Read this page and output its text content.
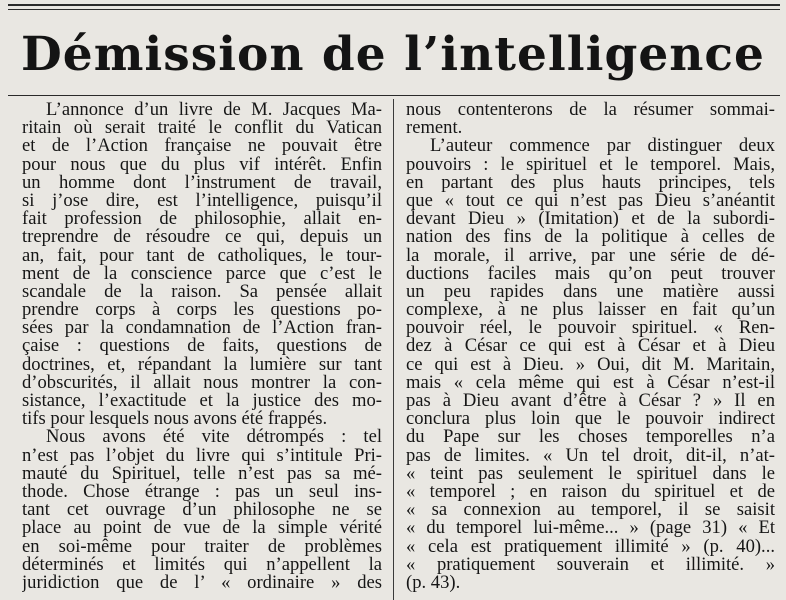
Démission de l’intelligence
L’annonce d’un livre de M. Jacques Ma-
ritain où serait traité le conflit du Vatican
et de l’Action française ne pouvait être
pour nous que du plus vif intérêt. Enfin
un homme dont l’instrument de travail,
si j’ose dire, est l’intelligence, puisqu’il
fait profession de philosophie, allait en-
treprendre de résoudre ce qui, depuis un
an, fait, pour tant de catholiques, le tour-
ment de la conscience parce que c’est le
scandale de la raison. Sa pensée allait
prendre corps à corps les questions po-
sées par la condamnation de l’Action fran-
çaise : questions de faits, questions de
doctrines, et, répandant la lumière sur tant
d’obscurités, il allait nous montrer la con-
sistance, l’exactitude et la justice des mo-
tifs pour lesquels nous avons été frappés.
Nous avons été vite détrompés : tel
n’est pas l’objet du livre qui s’intitule Pri-
mauté du Spirituel, telle n’est pas sa mé-
thode. Chose étrange : pas un seul ins-
tant cet ouvrage d’un philosophe ne se
place au point de vue de la simple vérité
en soi-même pour traiter de problèmes
déterminés et limités qui n’appellent la
juridiction que de l’ « ordinaire » des
nous contenterons de la résumer sommai-
rement.
L’auteur commence par distinguer deux
pouvoirs : le spirituel et le temporel. Mais,
en partant des plus hauts principes, tels
que « tout ce qui n’est pas Dieu s’anéantit
devant Dieu » (Imitation) et de la subordi-
nation des fins de la politique à celles de
la morale, il arrive, par une série de dé-
ductions faciles mais qu’on peut trouver
un peu rapides dans une matière aussi
complexe, à ne plus laisser en fait qu’un
pouvoir réel, le pouvoir spirituel. « Ren-
dez à César ce qui est à César et à Dieu
ce qui est à Dieu. » Oui, dit M. Maritain,
mais « cela même qui est à César n’est-il
pas à Dieu avant d’être à César ? » Il en
conclura plus loin que le pouvoir indirect
du Pape sur les choses temporelles n’a
pas de limites. « Un tel droit, dit-il, n’at-
« teint pas seulement le spirituel dans le
« temporel ; en raison du spirituel et de
« sa connexion au temporel, il se saisit
« du temporel lui-même... » (page 31) « Et
« cela est pratiquement illimité » (p. 40)...
« pratiquement souverain et illimité. »
(p. 43).
